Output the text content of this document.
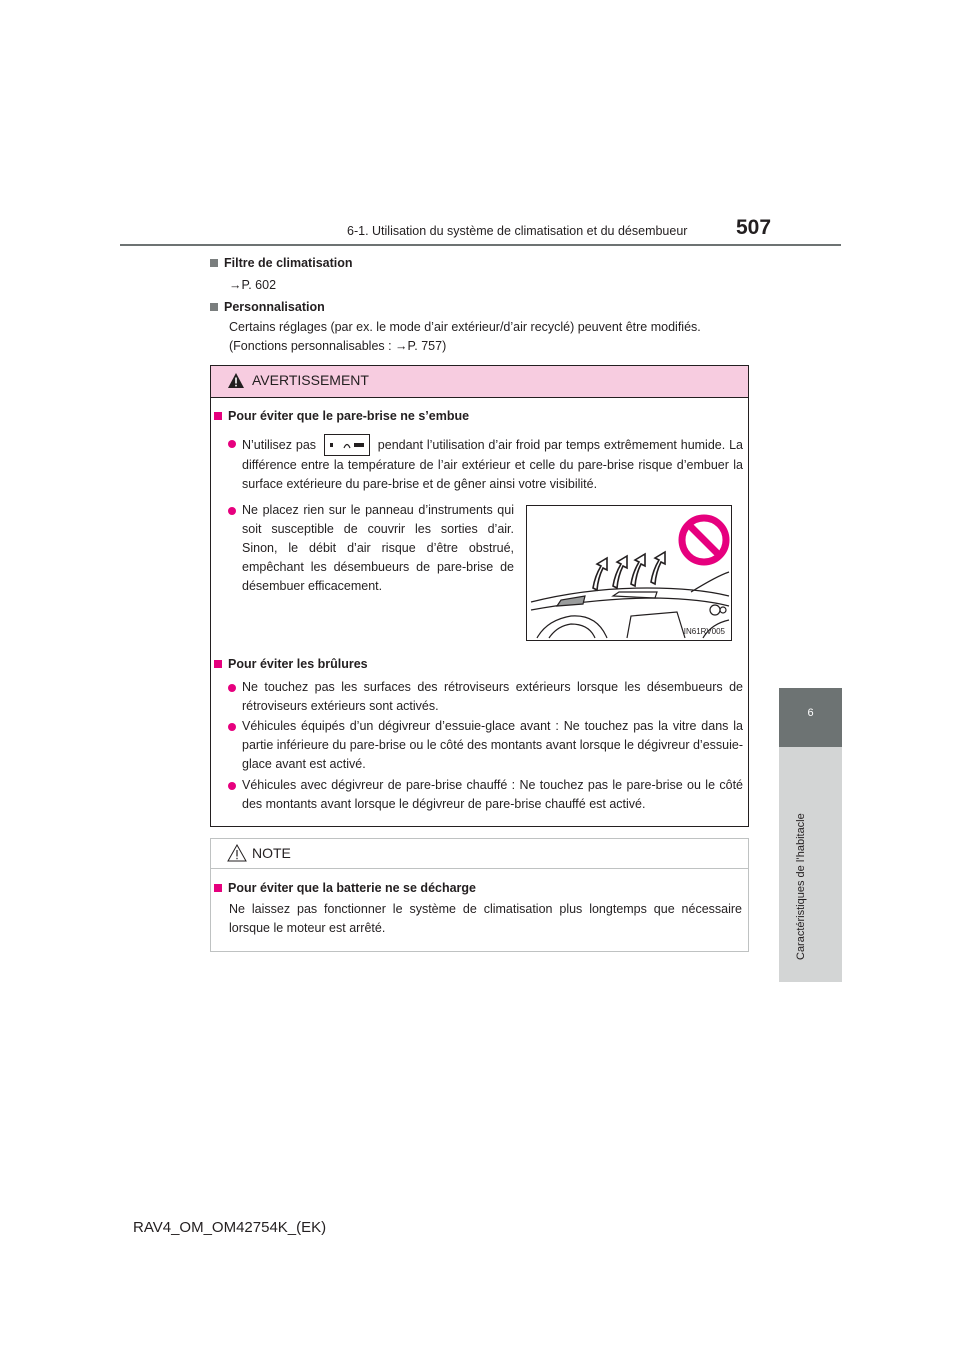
6-1. Utilisation du système de climatisation et du désembueur 507
6
Caractéristiques de l’habitacle
Filtre de climatisation
→P. 602
Personnalisation
Certains réglages (par ex. le mode d’air extérieur/d’air recyclé) peuvent être modifiés. (Fonctions personnalisables : →P. 757)
AVERTISSEMENT
Pour éviter que le pare-brise ne s’embue
N’utilisez pas	pendant l’utilisation d’air froid par temps extrêmement humide. La différence entre la température de l’air extérieur et celle du pare-brise risque d’embuer la surface extérieure du pare-brise et de gêner ainsi votre visibilité.
Ne placez rien sur le panneau d’instruments qui soit susceptible de couvrir les sorties d’air. Sinon, le débit d’air risque d’être obstrué, empêchant les désembueurs de pare-brise de désembuer efficacement.
IN61RV005
Pour éviter les brûlures
Ne touchez pas les surfaces des rétroviseurs extérieurs lorsque les désembueurs de rétroviseurs extérieurs sont activés.
Véhicules équipés d’un dégivreur d’essuie-glace avant : Ne touchez pas la vitre dans la partie inférieure du pare-brise ou le côté des montants avant lorsque le dégivreur d’essuie-glace avant est activé.
Véhicules avec dégivreur de pare-brise chauffé : Ne touchez pas le pare-brise ou le côté des montants avant lorsque le dégivreur de pare-brise chauffé est activé.
NOTE
Pour éviter que la batterie ne se décharge
Ne laissez pas fonctionner le système de climatisation plus longtemps que nécessaire lorsque le moteur est arrêté.
RAV4_OM_OM42754K_(EK)
